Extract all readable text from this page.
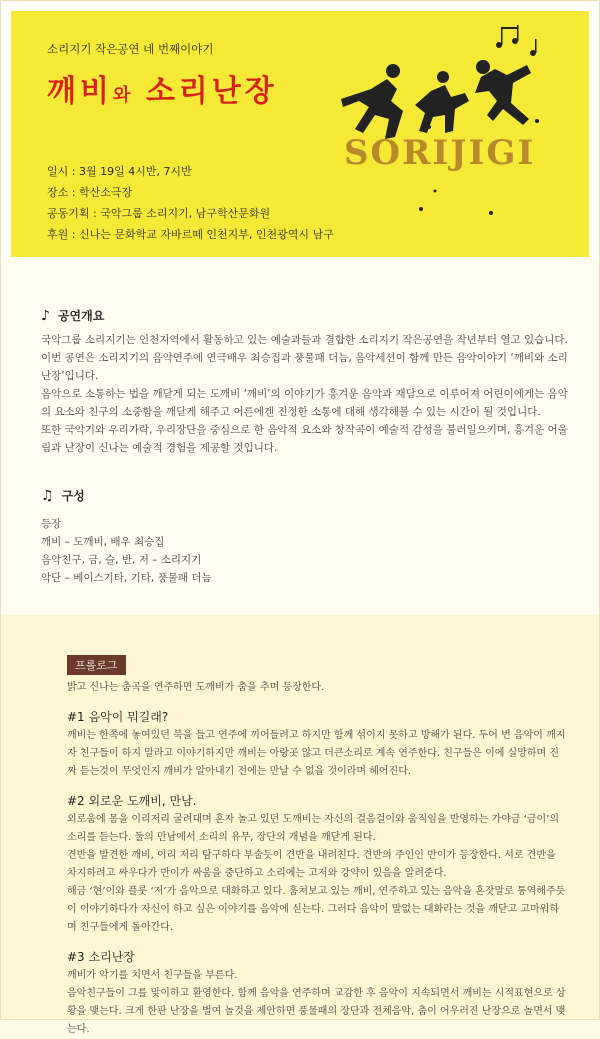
소리지기 작은공연 네 번째이야기
깨비와 소리난장
일시 : 3월 19일 4시반, 7시반
장소 : 학산소극장
공동기획 : 국악그룹 소리지기, 남구학산문화원
후원 : 신나는 문화학교 자바르떼 인천지부, 인천광역시 남구
SORIJIGI
♪ 공연개요

국악그룹 소리지기는 인천지역에서 활동하고 있는 예술과들과 결합한 소리지기 작은공연을 작년부터 열고 있습니다. 이번 공연은 소리지기의 음악연주에 연극배우 최승집과 풍물패 더늠, 음악세션이 함께 만든 음악이야기 ‘깨비와 소리난장’입니다.

음악으로 소통하는 법을 깨닫게 되는 도깨비 ‘깨비’의 이야기가 흥겨운 음악과 재담으로 이루어져 어린이에게는 음악의 요소와 친구의 소중함을 깨닫게 해주고 어른에겐 진정한 소통에 대해 생각해볼 수 있는 시간이 될 것입니다.

또한 국악기와 우리가락, 우리장단을 중심으로 한 음악적 요소와 창작곡이 예술적 감성을 불러일으키며, 흥겨운 어울림과 난장이 신나는 예술적 경험을 제공할 것입니다.

♫ 구성
등장
깨비 – 도깨비, 배우 최승집
음악친구, 금, 슬, 반, 저 – 소리지기
악단 – 베이스기타, 기타, 풍물패 더늠
프롤로그

밝고 신나는 춤곡을 연주하면 도깨비가 춤을 추며 등장한다.

#1 음악이 뭐길래?

깨비는 한쪽에 놓여있던 북을 들고 연주에 끼어들려고 하지만 함께 섞이지 못하고 방해가 된다. 두어 번 음악이 깨지자 친구들이 하지 말라고 이야기하지만 깨비는 아랑곳 않고 더큰소리로 계속 연주한다. 친구들은 이에 실망하며 진짜 듣는것이 무엇인지 깨비가 알아내기 전에는 만날 수 없을 것이라며 헤어진다.

#2 외로운 도깨비, 만남.

외로움에 몸을 이리저리 굴려대며 혼자 놀고 있던 도깨비는 자신의 걸음걸이와 움직임을 반영하는 가야금 ‘금이’의 소리를 듣는다. 둘의 만남에서 소리의 유무, 장단의 개념을 깨닫게 된다.

견반을 발견한 깨비, 이리 저리 탐구하다 부술듯이 견반을 내려친다. 견반의 주인인 반이가 등장한다. 서로 견반을 차지하려고 싸우다가 반이가 싸움을 중단하고 소리에는 고저와 강약이 있음을 알려준다.

해금 ‘현’이와 플룻 ‘저’가 음악으로 대화하고 있다. 훔쳐보고 있는 깨비, 연주하고 있는 음악을 혼잣말로 통역해주듯이 이야기하다가 자신이 하고 싶은 이야기를 음악에 싣는다. 그러다 음악이 말없는 대화라는 것을 깨닫고 고마워하며 친구들에게 돌아간다.

#3 소리난장

깨비가 악기를 치면서 친구들을 부른다.

음악친구들이 그를 맞이하고 환영한다. 함께 음악을 연주하며 교감한 후 음악이 지속되면서 깨비는 시적표현으로 상황을 맺는다. 크게 한판 난장을 벌여 놀것을 제안하면 풍물패의 장단과 전체음악, 춤이 어우러진 난장으로 놀면서 맺는다.
